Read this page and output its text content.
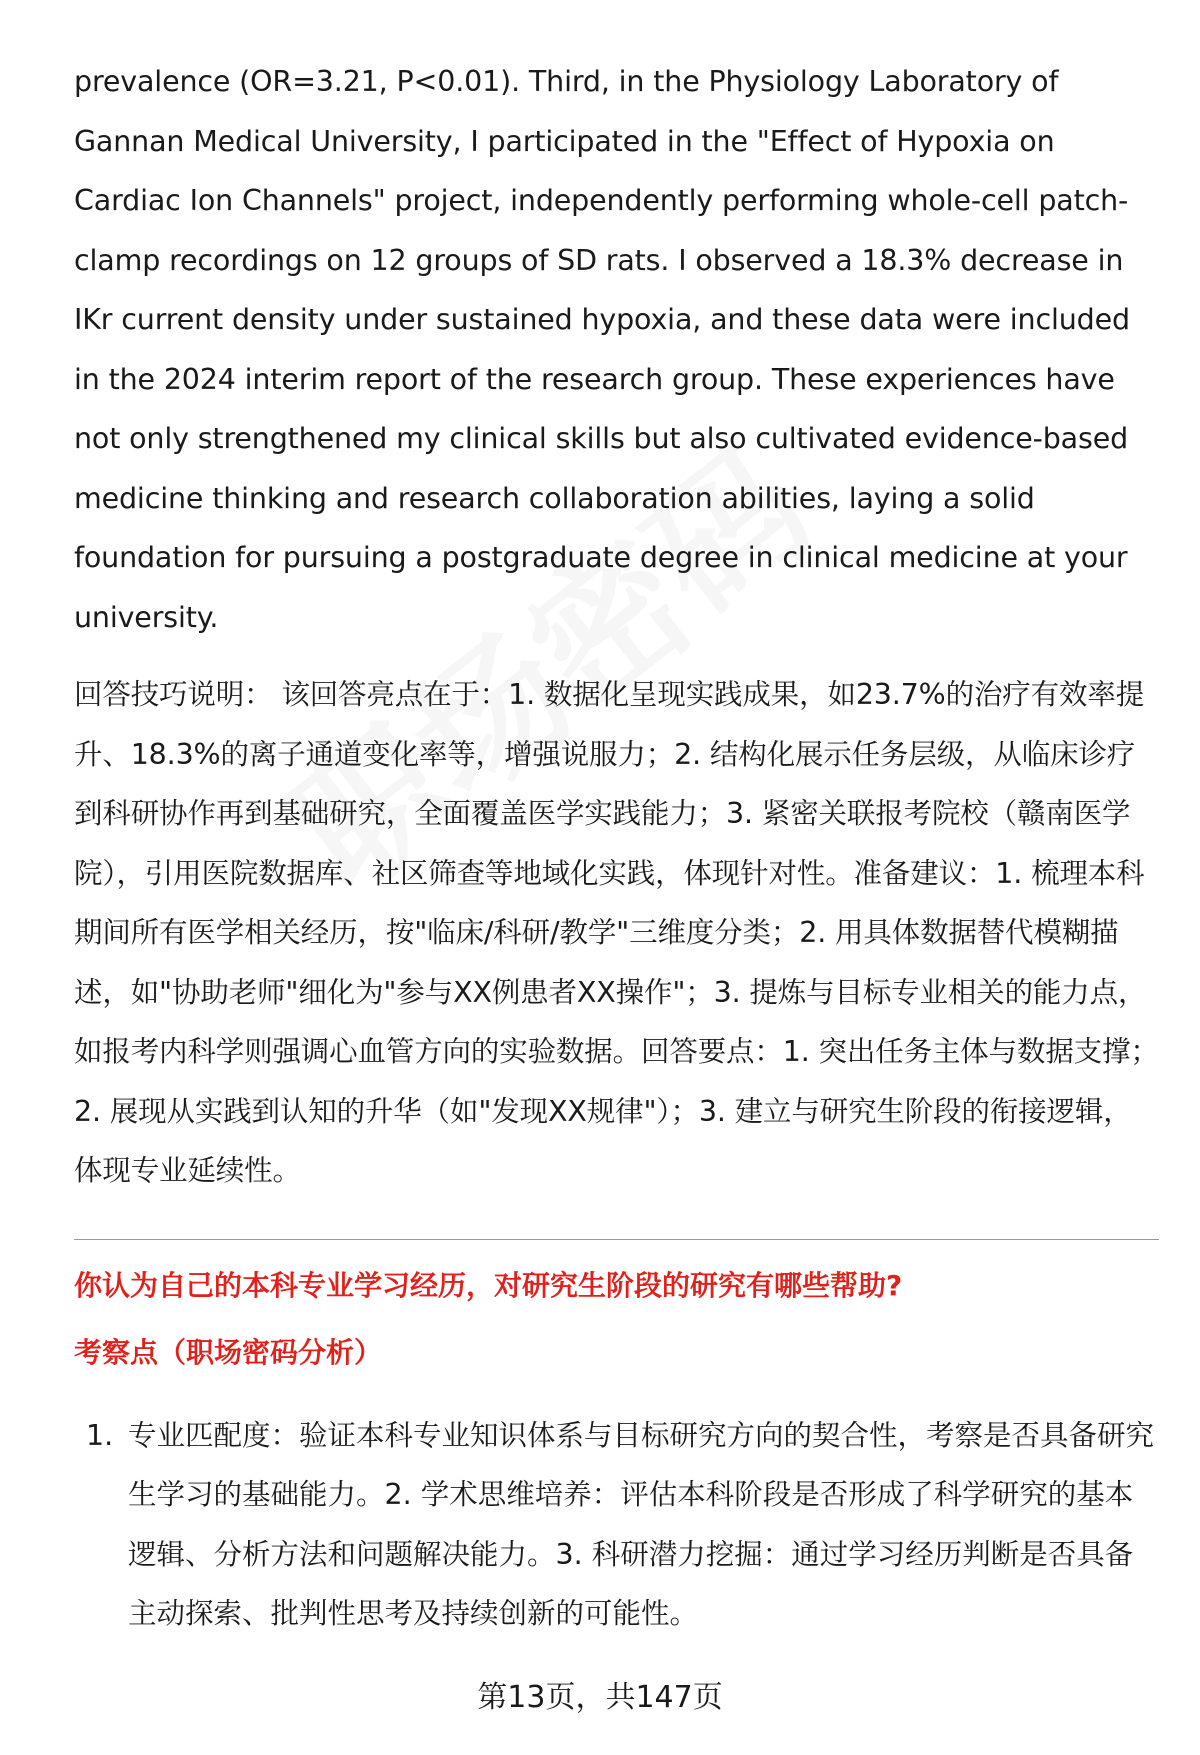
prevalence (OR=3.21, P<0.01). Third, in the Physiology Laboratory of Gannan Medical University, I participated in the "Effect of Hypoxia on Cardiac Ion Channels" project, independently performing whole-cell patch-clamp recordings on 12 groups of SD rats. I observed a 18.3% decrease in IKr current density under sustained hypoxia, and these data were included in the 2024 interim report of the research group. These experiences have not only strengthened my clinical skills but also cultivated evidence-based medicine thinking and research collaboration abilities, laying a solid foundation for pursuing a postgraduate degree in clinical medicine at your university.

回答技巧说明： 该回答亮点在于：1. 数据化呈现实践成果，如23.7%的治疗有效率提升、18.3%的离子通道变化率等，增强说服力；2. 结构化展示任务层级，从临床诊疗到科研协作再到基础研究，全面覆盖医学实践能力；3. 紧密关联报考院校（赣南医学院），引用医院数据库、社区筛查等地域化实践，体现针对性。准备建议：1. 梳理本科期间所有医学相关经历，按"临床/科研/教学"三维度分类；2. 用具体数据替代模糊描述，如"协助老师"细化为"参与XX例患者XX操作"；3. 提炼与目标专业相关的能力点，如报考内科学则强调心血管方向的实验数据。回答要点：1. 突出任务主体与数据支撑；2. 展现从实践到认知的升华（如"发现XX规律"）；3. 建立与研究生阶段的衔接逻辑，体现专业延续性。

你认为自己的本科专业学习经历，对研究生阶段的研究有哪些帮助?
考察点（职场密码分析）
1. 专业匹配度：验证本科专业知识体系与目标研究方向的契合性，考察是否具备研究生学习的基础能力。2. 学术思维培养：评估本科阶段是否形成了科学研究的基本逻辑、分析方法和问题解决能力。3. 科研潜力挖掘：通过学习经历判断是否具备主动探索、批判性思考及持续创新的可能性。
第13页，共147页
